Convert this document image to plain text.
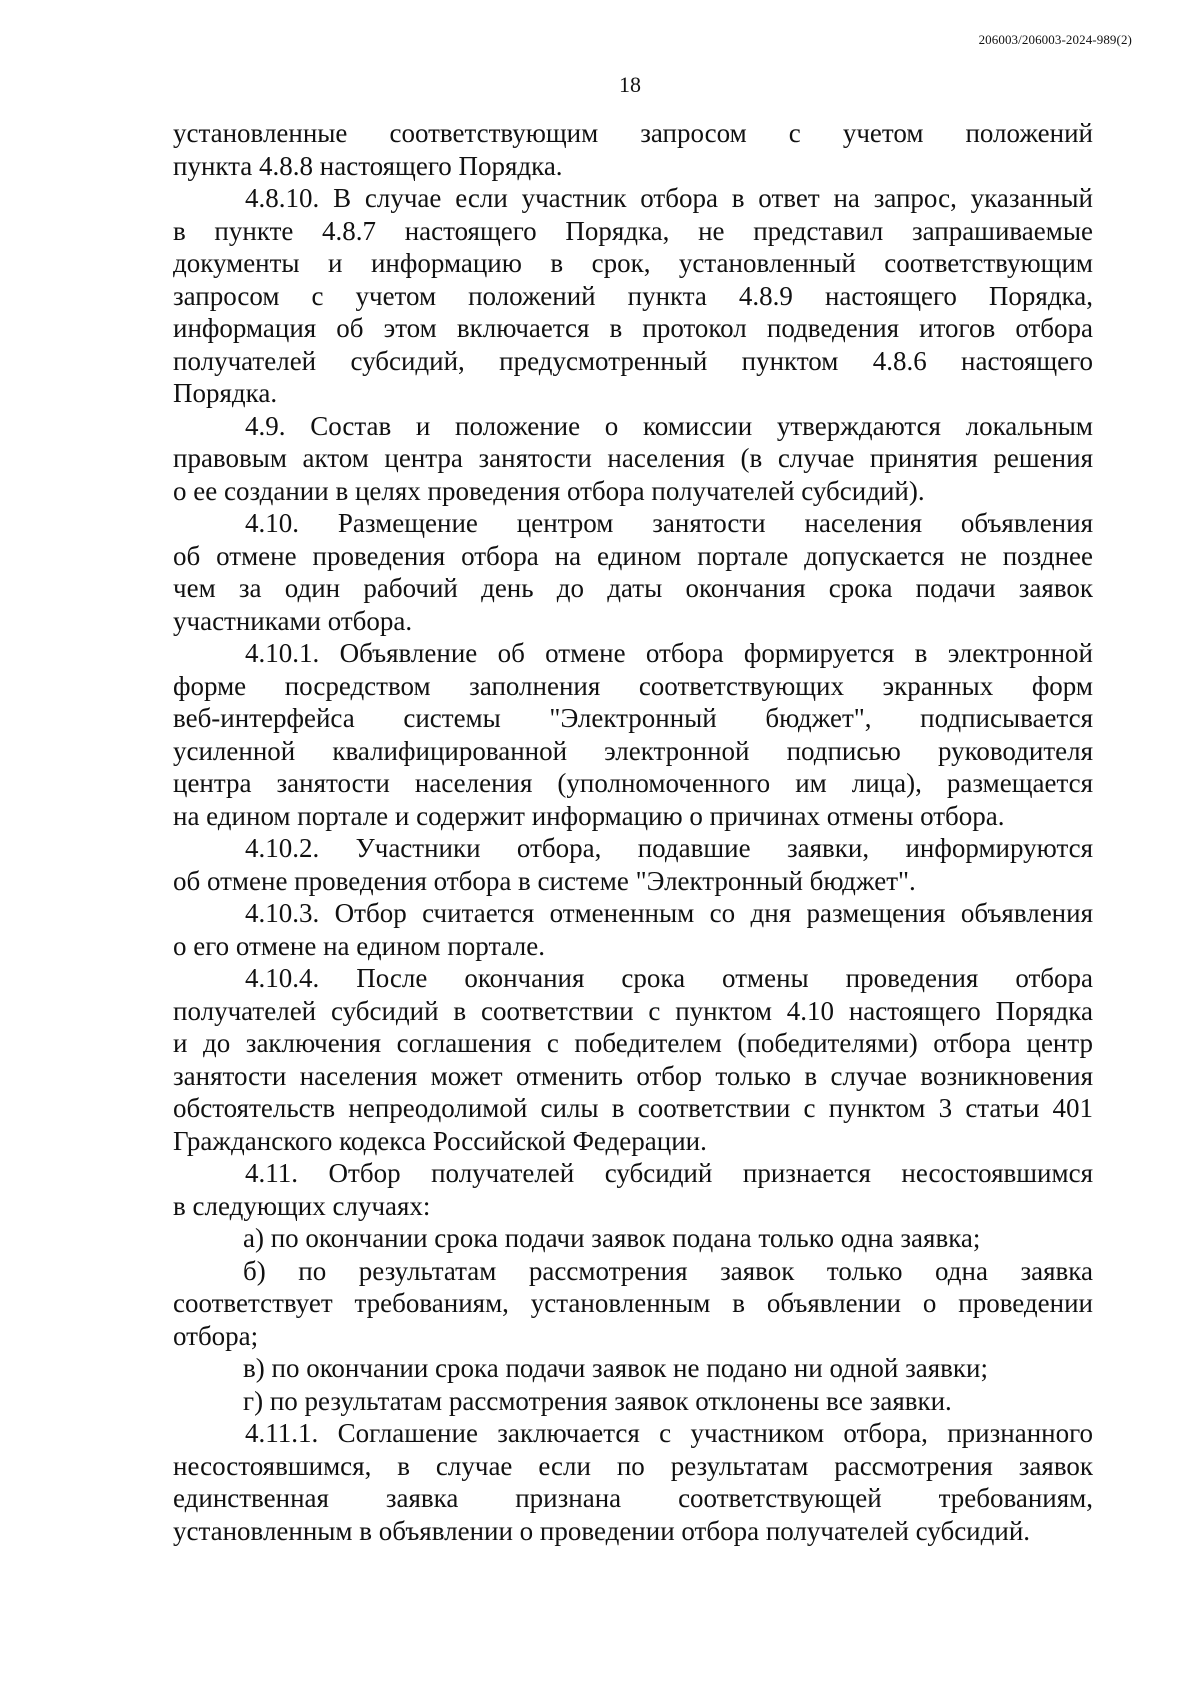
206003/206003-2024-989(2)
18
установленные соответствующим запросом с учетом положений
пункта 4.8.8 настоящего Порядка.
4.8.10. В случае если участник отбора в ответ на запрос, указанный
в пункте 4.8.7 настоящего Порядка, не представил запрашиваемые
документы и информацию в срок, установленный соответствующим
запросом с учетом положений пункта 4.8.9 настоящего Порядка,
информация об этом включается в протокол подведения итогов отбора
получателей субсидий, предусмотренный пунктом 4.8.6 настоящего
Порядка.
4.9. Состав и положение о комиссии утверждаются локальным
правовым актом центра занятости населения (в случае принятия решения
о ее создании в целях проведения отбора получателей субсидий).
4.10. Размещение центром занятости населения объявления
об отмене проведения отбора на едином портале допускается не позднее
чем за один рабочий день до даты окончания срока подачи заявок
участниками отбора.
4.10.1. Объявление об отмене отбора формируется в электронной
форме посредством заполнения соответствующих экранных форм
веб-интерфейса системы "Электронный бюджет", подписывается
усиленной квалифицированной электронной подписью руководителя
центра занятости населения (уполномоченного им лица), размещается
на едином портале и содержит информацию о причинах отмены отбора.
4.10.2. Участники отбора, подавшие заявки, информируются
об отмене проведения отбора в системе "Электронный бюджет".
4.10.3. Отбор считается отмененным со дня размещения объявления
о его отмене на едином портале.
4.10.4. После окончания срока отмены проведения отбора
получателей субсидий в соответствии с пунктом 4.10 настоящего Порядка
и до заключения соглашения с победителем (победителями) отбора центр
занятости населения может отменить отбор только в случае возникновения
обстоятельств непреодолимой силы в соответствии с пунктом 3 статьи 401
Гражданского кодекса Российской Федерации.
4.11. Отбор получателей субсидий признается несостоявшимся
в следующих случаях:
а) по окончании срока подачи заявок подана только одна заявка;
б) по результатам рассмотрения заявок только одна заявка
соответствует требованиям, установленным в объявлении о проведении
отбора;
в) по окончании срока подачи заявок не подано ни одной заявки;
г) по результатам рассмотрения заявок отклонены все заявки.
4.11.1. Соглашение заключается с участником отбора, признанного
несостоявшимся, в случае если по результатам рассмотрения заявок
единственная заявка признана соответствующей требованиям,
установленным в объявлении о проведении отбора получателей субсидий.
